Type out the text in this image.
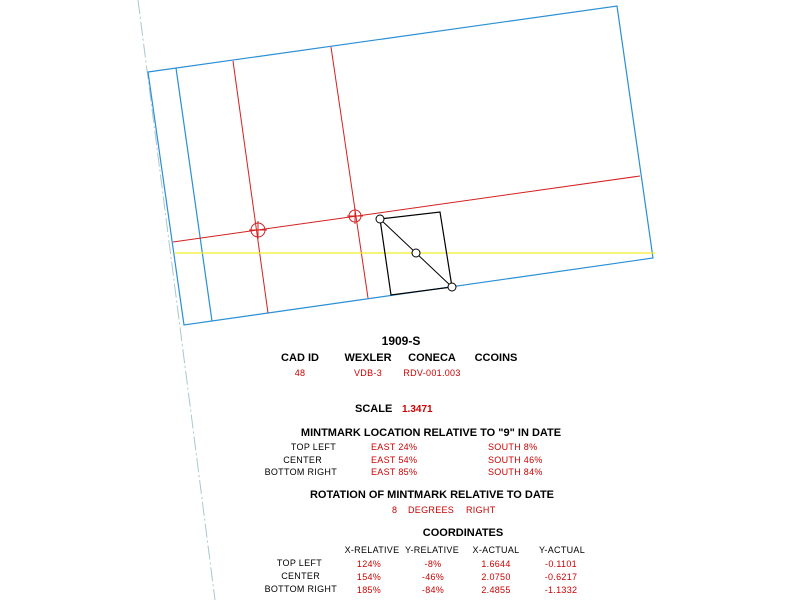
1909-S
CAD ID WEXLER CONECA CCOINS
48	VDB-3 RDV-001.003
SCALE 1.3471
MINTMARK LOCATION RELATIVE TO "9" IN DATE
TOP LEFT	EAST 24%	SOUTH 8%
CENTER	EAST 54%	SOUTH 46%
BOTTOM RIGHT	EAST 85%	SOUTH 84%
ROTATION OF MINTMARK RELATIVE TO DATE
8 DEGREES RIGHT
COORDINATES
X-RELATIVE Y-RELATIVE X-ACTUAL Y-ACTUAL
TOP LEFT	124%	-8%	1.6644	-0.1101
CENTER	154%	-46%	2.0750	-0.6217
BOTTOM RIGHT 185%	-84%	2.4855	-1.1332
